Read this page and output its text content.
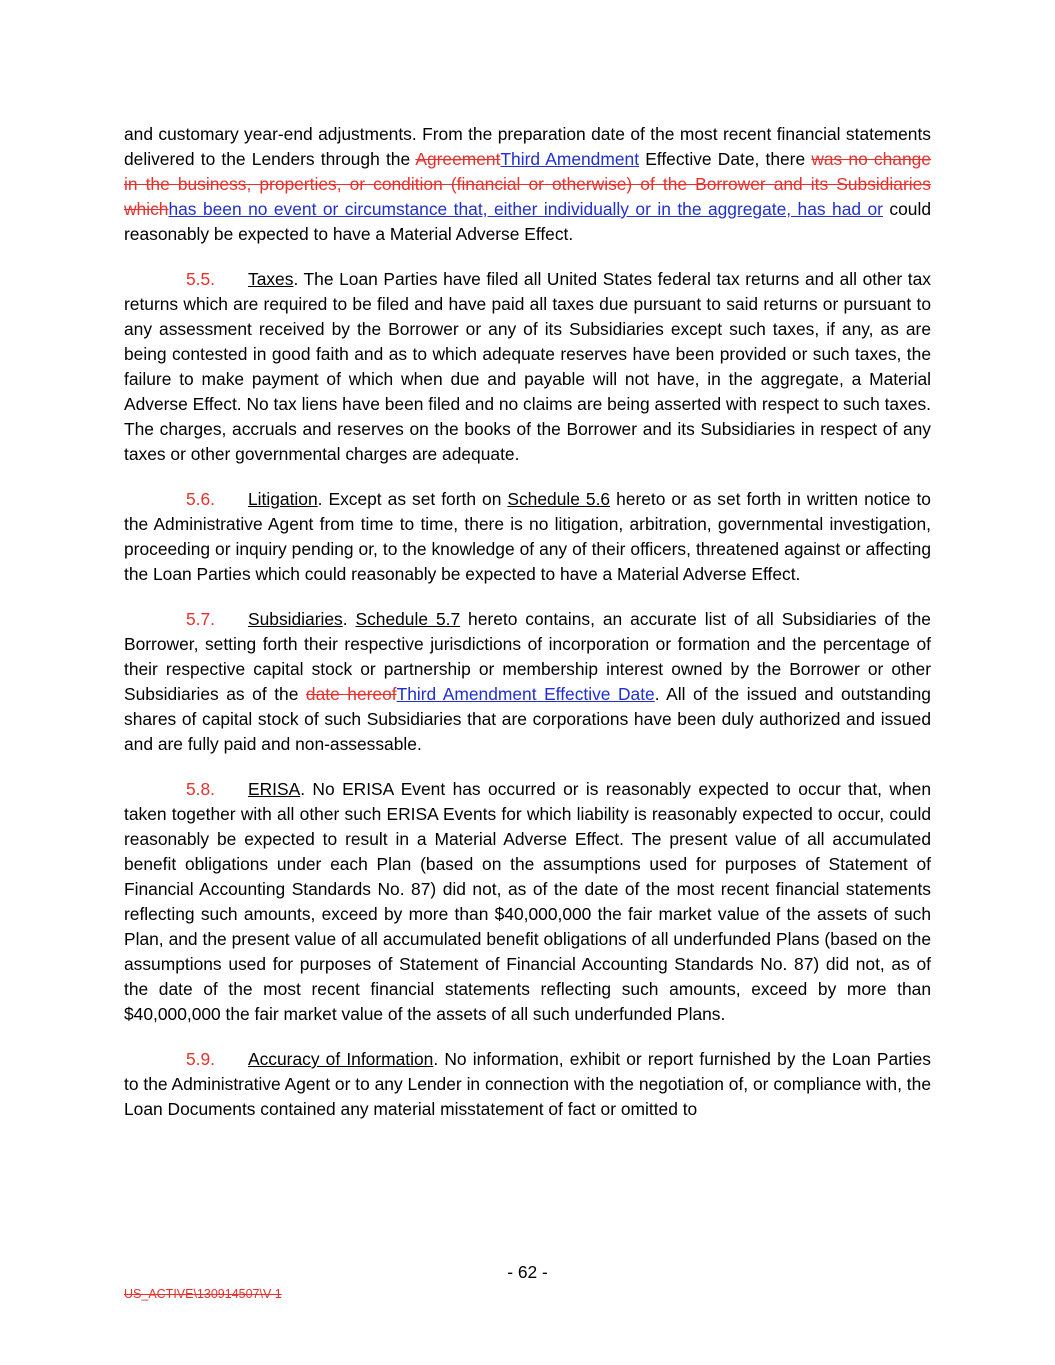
and customary year-end adjustments. From the preparation date of the most recent financial statements delivered to the Lenders through the AgreementThird Amendment Effective Date, there was no change in the business, properties, or condition (financial or otherwise) of the Borrower and its Subsidiaries whichhas been no event or circumstance that, either individually or in the aggregate, has had or could reasonably be expected to have a Material Adverse Effect.

5.5. Taxes. The Loan Parties have filed all United States federal tax returns and all other tax returns which are required to be filed and have paid all taxes due pursuant to said returns or pursuant to any assessment received by the Borrower or any of its Subsidiaries except such taxes, if any, as are being contested in good faith and as to which adequate reserves have been provided or such taxes, the failure to make payment of which when due and payable will not have, in the aggregate, a Material Adverse Effect. No tax liens have been filed and no claims are being asserted with respect to such taxes. The charges, accruals and reserves on the books of the Borrower and its Subsidiaries in respect of any taxes or other governmental charges are adequate.

5.6. Litigation. Except as set forth on Schedule 5.6 hereto or as set forth in written notice to the Administrative Agent from time to time, there is no litigation, arbitration, governmental investigation, proceeding or inquiry pending or, to the knowledge of any of their officers, threatened against or affecting the Loan Parties which could reasonably be expected to have a Material Adverse Effect.

5.7. Subsidiaries. Schedule 5.7 hereto contains, an accurate list of all Subsidiaries of the Borrower, setting forth their respective jurisdictions of incorporation or formation and the percentage of their respective capital stock or partnership or membership interest owned by the Borrower or other Subsidiaries as of the date hereofThird Amendment Effective Date. All of the issued and outstanding shares of capital stock of such Subsidiaries that are corporations have been duly authorized and issued and are fully paid and non-assessable.

5.8. ERISA. No ERISA Event has occurred or is reasonably expected to occur that, when taken together with all other such ERISA Events for which liability is reasonably expected to occur, could reasonably be expected to result in a Material Adverse Effect. The present value of all accumulated benefit obligations under each Plan (based on the assumptions used for purposes of Statement of Financial Accounting Standards No. 87) did not, as of the date of the most recent financial statements reflecting such amounts, exceed by more than $40,000,000 the fair market value of the assets of such Plan, and the present value of all accumulated benefit obligations of all underfunded Plans (based on the assumptions used for purposes of Statement of Financial Accounting Standards No. 87) did not, as of the date of the most recent financial statements reflecting such amounts, exceed by more than $40,000,000 the fair market value of the assets of all such underfunded Plans.

5.9. Accuracy of Information. No information, exhibit or report furnished by the Loan Parties to the Administrative Agent or to any Lender in connection with the negotiation of, or compliance with, the Loan Documents contained any material misstatement of fact or omitted to

- 62 -
US_ACTIVE\130914507\V-1
